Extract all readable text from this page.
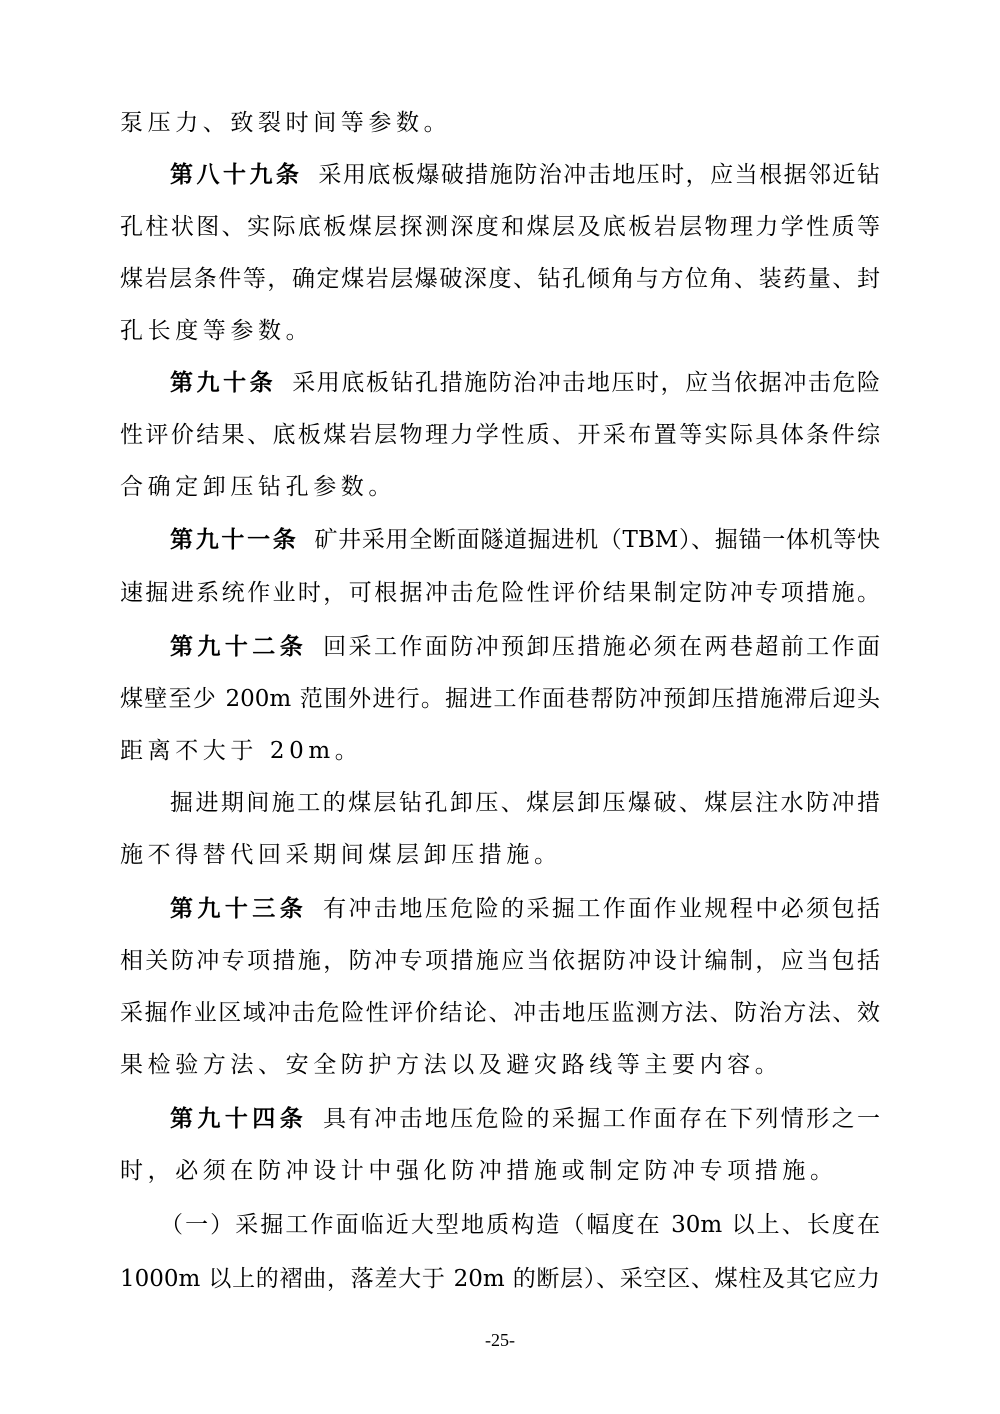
泵压力、致裂时间等参数。
第八十九条 采用底板爆破措施防治冲击地压时，应当根据邻近钻
孔柱状图、实际底板煤层探测深度和煤层及底板岩层物理力学性质等
煤岩层条件等，确定煤岩层爆破深度、钻孔倾角与方位角、装药量、封
孔长度等参数。
第九十条 采用底板钻孔措施防治冲击地压时，应当依据冲击危险
性评价结果、底板煤岩层物理力学性质、开采布置等实际具体条件综
合确定卸压钻孔参数。
第九十一条 矿井采用全断面隧道掘进机（TBM）、掘锚一体机等快
速掘进系统作业时，可根据冲击危险性评价结果制定防冲专项措施。
第九十二条 回采工作面防冲预卸压措施必须在两巷超前工作面
煤壁至少 200m 范围外进行。掘进工作面巷帮防冲预卸压措施滞后迎头
距离不大于 20m。
掘进期间施工的煤层钻孔卸压、煤层卸压爆破、煤层注水防冲措
施不得替代回采期间煤层卸压措施。
第九十三条 有冲击地压危险的采掘工作面作业规程中必须包括
相关防冲专项措施，防冲专项措施应当依据防冲设计编制，应当包括
采掘作业区域冲击危险性评价结论、冲击地压监测方法、防治方法、效
果检验方法、安全防护方法以及避灾路线等主要内容。
第九十四条 具有冲击地压危险的采掘工作面存在下列情形之一
时，必须在防冲设计中强化防冲措施或制定防冲专项措施。
（一）采掘工作面临近大型地质构造（幅度在 30m 以上、长度在
1000m 以上的褶曲，落差大于 20m 的断层）、采空区、煤柱及其它应力
-25-
